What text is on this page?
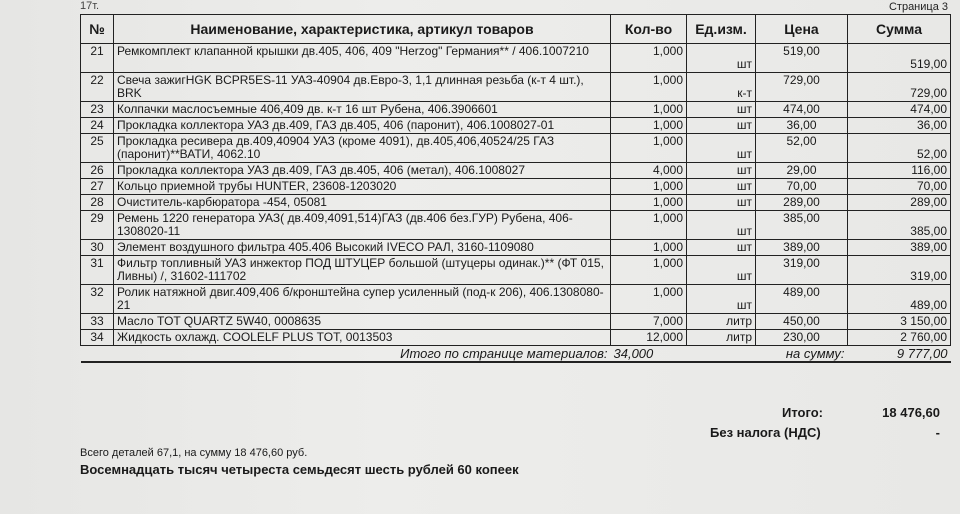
17т.	Страница 3
№	Наименование, характеристика, артикул товаров	Кол-во	Ед.изм.	Цена	Сумма
21	Ремкомплект клапанной крышки дв.405, 406, 409 "Herzog" Германия** / 406.1007210	1,000	шт	519,00	519,00
22	Свеча зажигHGK BCPR5ES-11 УАЗ-40904 дв.Евро-3, 1,1 длинная резьба (к-т 4 шт.), BRK	1,000	к-т	729,00	729,00
23	Колпачки маслосъемные 406,409 дв. к-т 16 шт Рубена, 406.3906601	1,000	шт	474,00	474,00
24	Прокладка коллектора УАЗ дв.409, ГАЗ дв.405, 406 (паронит), 406.1008027-01	1,000	шт	36,00	36,00
25	Прокладка ресивера дв.409,40904 УАЗ (кроме 4091), дв.405,406,40524/25 ГАЗ (паронит)**ВАТИ, 4062.10	1,000	шт	52,00	52,00
26	Прокладка коллектора УАЗ дв.409, ГАЗ дв.405, 406 (метал), 406.1008027	4,000	шт	29,00	116,00
27	Кольцо приемной трубы HUNTER, 23608-1203020	1,000	шт	70,00	70,00
28	Очиститель-карбюратора -454, 05081	1,000	шт	289,00	289,00
29	Ремень 1220 генератора УАЗ( дв.409,4091,514)ГАЗ (дв.406 без.ГУР) Рубена, 406-1308020-11	1,000	шт	385,00	385,00
30	Элемент воздушного фильтра 405.406 Высокий IVECO РАЛ, 3160-1109080	1,000	шт	389,00	389,00
31	Фильтр топливный УАЗ инжектор ПОД ШТУЦЕР большой (штуцеры одинак.)** (ФТ 015, Ливны) /, 31602-111702	1,000	шт	319,00	319,00
32	Ролик натяжной двиг.409,406 б/кронштейна супер усиленный (под-к 206), 406.1308080-21	1,000	шт	489,00	489,00
33	Масло TOT QUARTZ 5W40, 0008635	7,000	литр	450,00	3 150,00
34	Жидкость охлажд. COOLELF PLUS TOT, 0013503	12,000	литр	230,00	2 760,00
	Итого по странице материалов:	34,000		на сумму:	9 777,00
Итого:	18 476,60
Без налога (НДС)	-
Всего деталей 67,1, на сумму 18 476,60 руб.
Восемнадцать тысяч четыреста семьдесят шесть рублей 60 копеек
